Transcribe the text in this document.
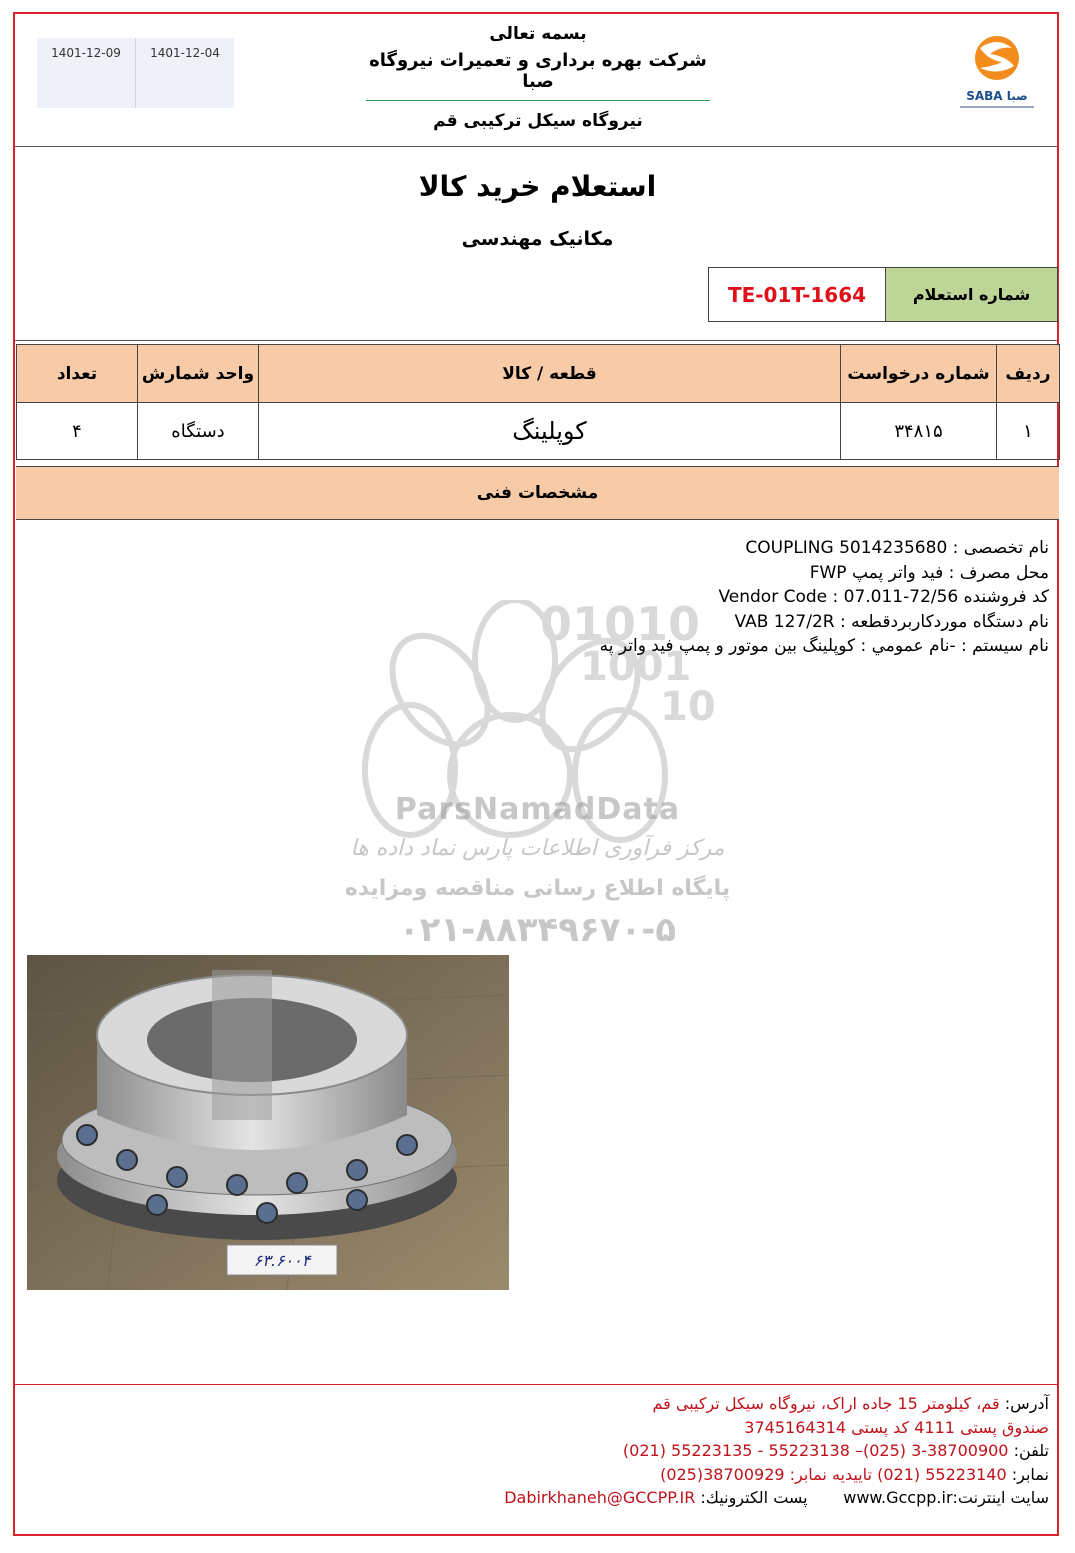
1401-12-09	1401-12-04
بسمه تعالی
شرکت بهره برداری و تعمیرات نیروگاه صبا
نیروگاه سیکل ترکیبی قم
SABA صبا
استعلام خرید کالا
مکانیک مهندسی
TE-01T-1664	شماره استعلام
ردیف	شماره درخواست	قطعه / کالا	واحد شمارش	تعداد
۱	۳۴۸۱۵	کوپلینگ	دستگاه	۴
مشخصات فنی
01010
1001
10
ParsNamadData
مرکز فرآوری اطلاعات پارس نماد داده ها
پایگاه اطلاع رسانی مناقصه ومزایده
۰۲۱-۸۸۳۴۹۶۷۰-۵
نام تخصصی : COUPLING 5014235680
محل مصرف : فید واتر پمپ FWP
کد فروشنده Vendor Code : 07.011-72/56
نام دستگاه موردکاربردقطعه : VAB 127/2R
نام سیستم : -نام عمومي : کوپلینگ بین موتور و پمپ فید واتر په
۶۳.۶۰۰۴
آدرس: قم، کیلومتر 15 جاده اراک، نیروگاه سیکل ترکیبی قم
صندوق پستی 4111 کد پستی 3745164314
تلفن: 38700900-3 (025)– 55223138 - 55223135 (021)
نمابر: 55223140 (021) تاییدیه نمابر: 38700929(025)
سایت اینترنت:www.Gccpp.ir       پست الکترونیك: Dabirkhaneh@GCCPP.IR
